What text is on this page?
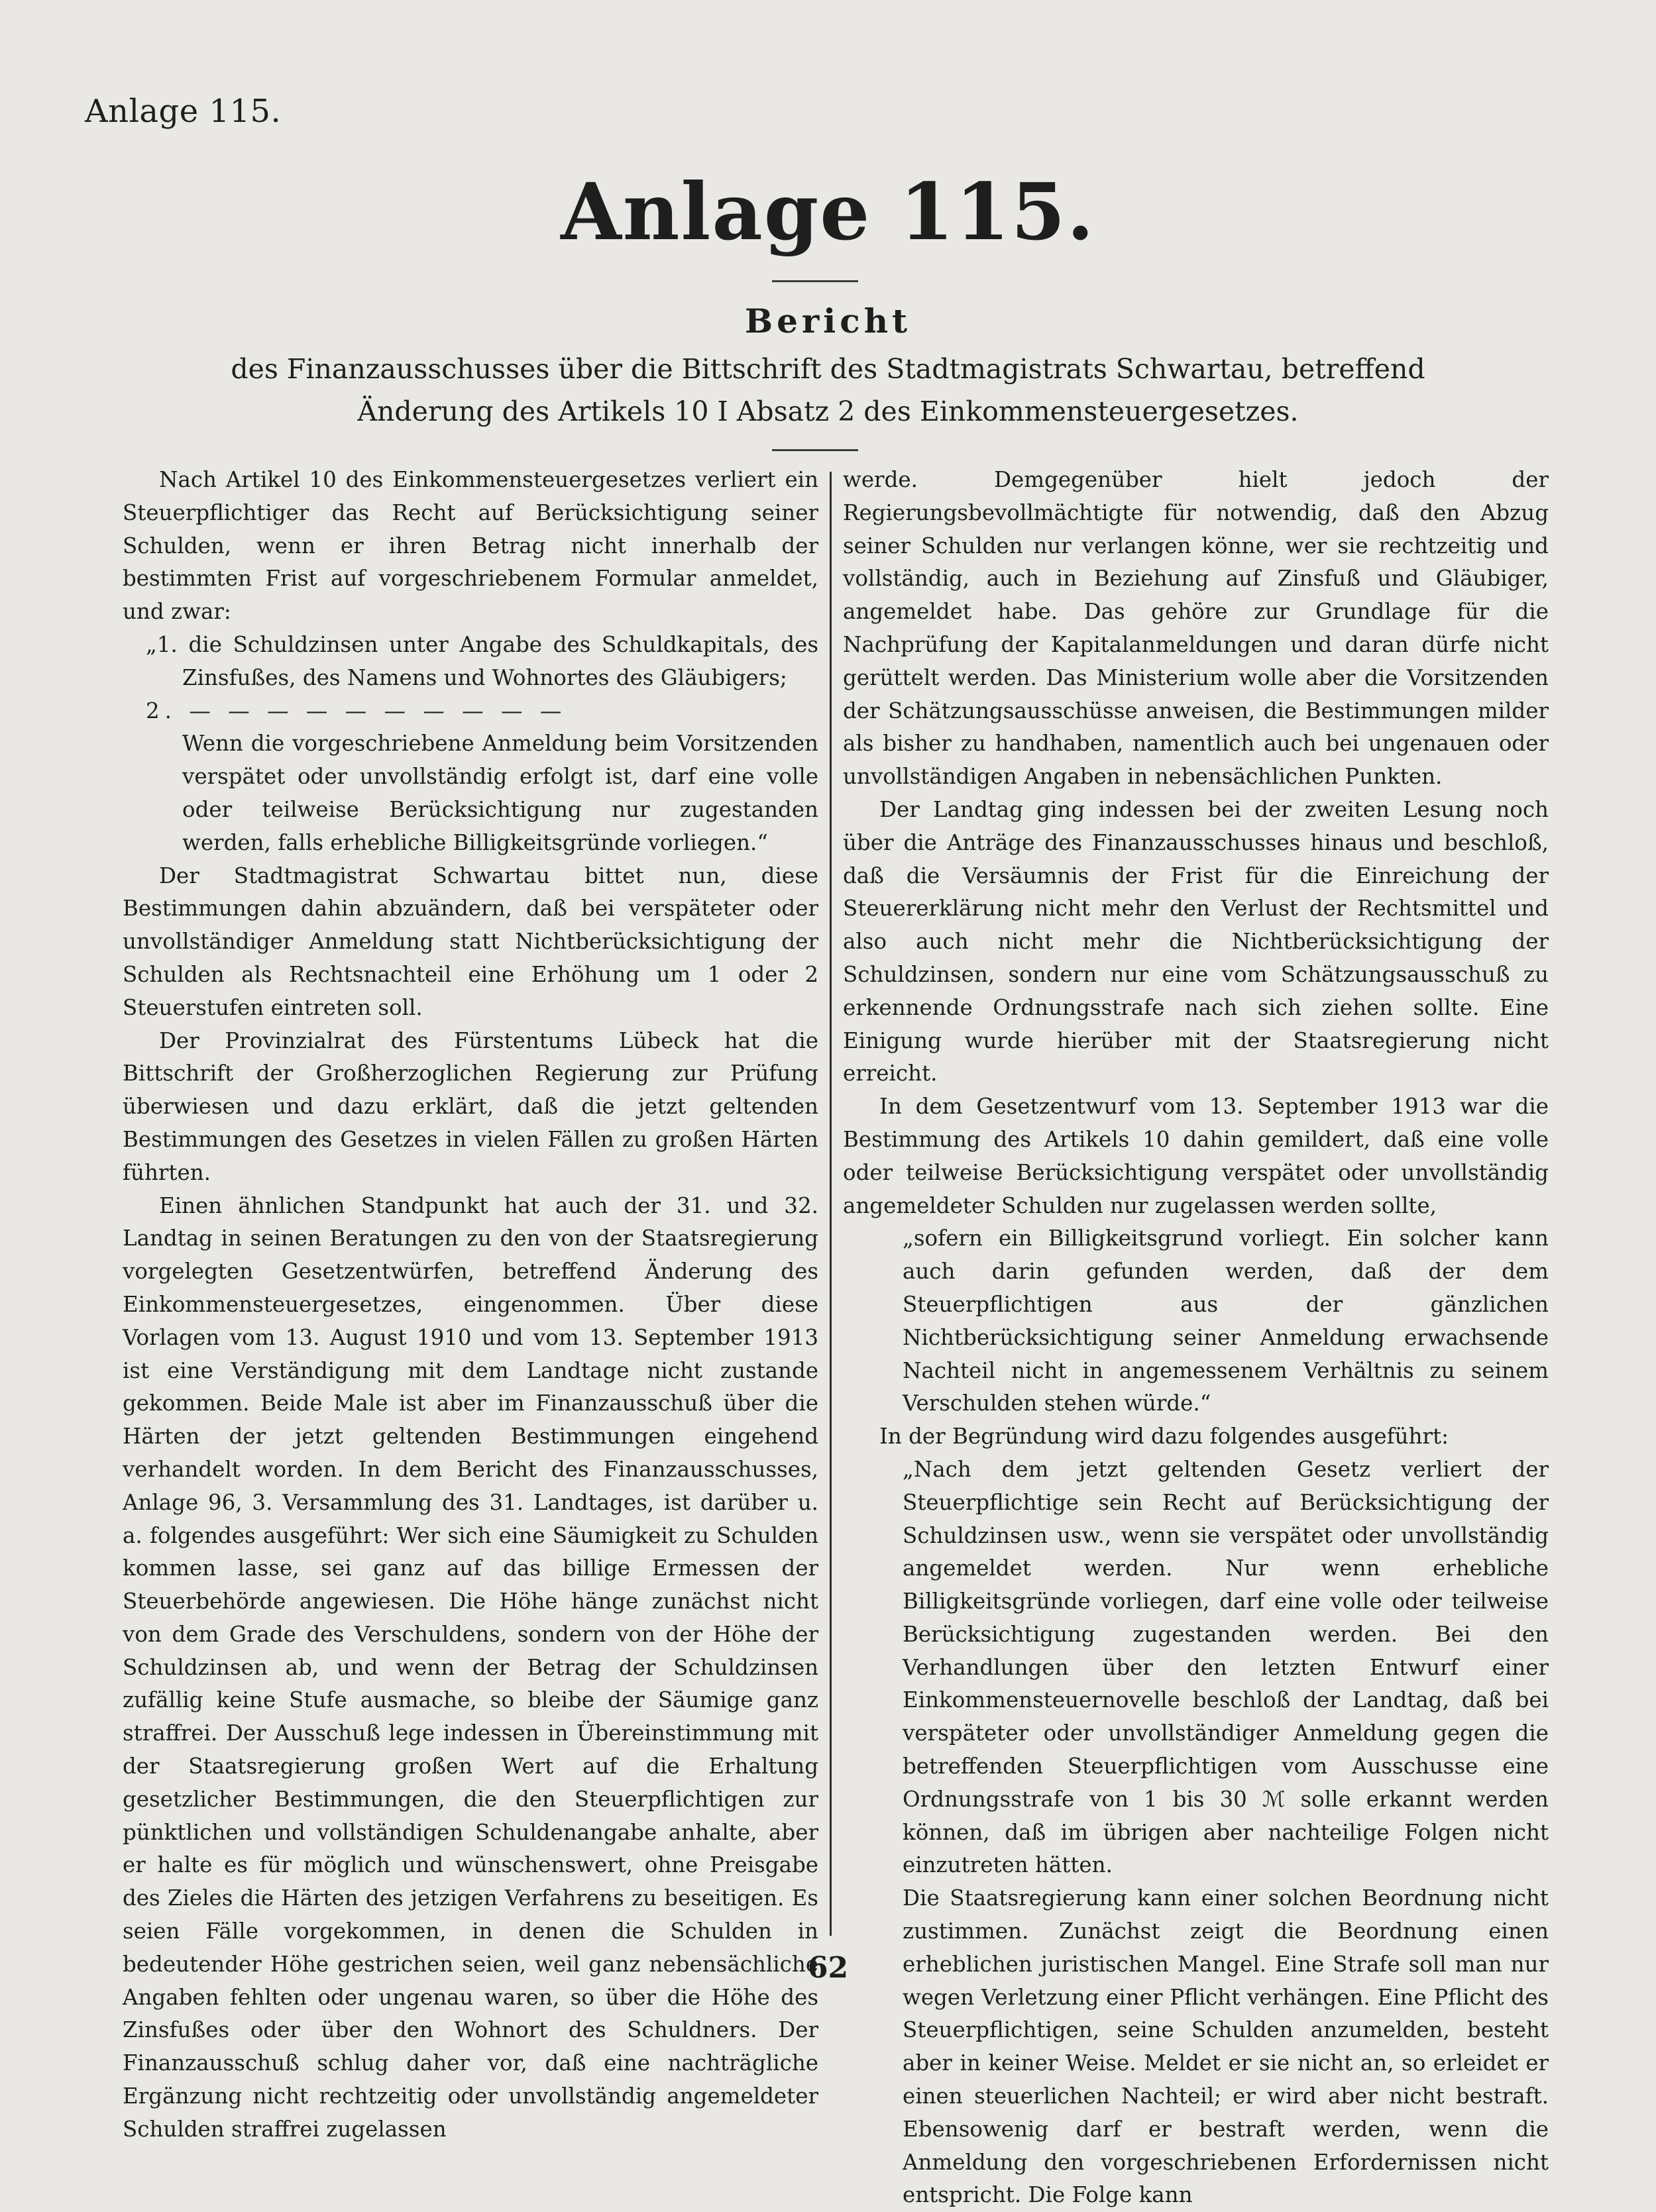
Anlage 115.
Anlage 115.
Bericht
des Finanzausschusses über die Bittschrift des Stadtmagistrats Schwartau, betreffend Änderung des Artikels 10 I Absatz 2 des Einkommensteuergesetzes.

Nach Artikel 10 des Einkommensteuergesetzes verliert ein Steuerpflichtiger das Recht auf Berücksichtigung seiner Schulden, wenn er ihren Betrag nicht innerhalb der bestimmten Frist auf vorgeschriebenem Formular anmeldet, und zwar:

„1. die Schuldzinsen unter Angabe des Schuldkapitals, des Zinsfußes, des Namens und Wohnortes des Gläubigers;

2. — — — — — — — — — —

Wenn die vorgeschriebene Anmeldung beim Vorsitzenden verspätet oder unvollständig erfolgt ist, darf eine volle oder teilweise Berücksichtigung nur zugestanden werden, falls erhebliche Billigkeitsgründe vorliegen.“

Der Stadtmagistrat Schwartau bittet nun, diese Bestimmungen dahin abzuändern, daß bei verspäteter oder unvollständiger Anmeldung statt Nichtberücksichtigung der Schulden als Rechtsnachteil eine Erhöhung um 1 oder 2 Steuerstufen eintreten soll.

Der Provinzialrat des Fürstentums Lübeck hat die Bittschrift der Großherzoglichen Regierung zur Prüfung überwiesen und dazu erklärt, daß die jetzt geltenden Bestimmungen des Gesetzes in vielen Fällen zu großen Härten führten.

Einen ähnlichen Standpunkt hat auch der 31. und 32. Landtag in seinen Beratungen zu den von der Staatsregierung vorgelegten Gesetzentwürfen, betreffend Änderung des Einkommensteuergesetzes, eingenommen. Über diese Vorlagen vom 13. August 1910 und vom 13. September 1913 ist eine Verständigung mit dem Landtage nicht zustande gekommen. Beide Male ist aber im Finanzausschuß über die Härten der jetzt geltenden Bestimmungen eingehend verhandelt worden. In dem Bericht des Finanzausschusses, Anlage 96, 3. Versammlung des 31. Landtages, ist darüber u. a. folgendes ausgeführt: Wer sich eine Säumigkeit zu Schulden kommen lasse, sei ganz auf das billige Ermessen der Steuerbehörde angewiesen. Die Höhe hänge zunächst nicht von dem Grade des Verschuldens, sondern von der Höhe der Schuldzinsen ab, und wenn der Betrag der Schuldzinsen zufällig keine Stufe ausmache, so bleibe der Säumige ganz straffrei. Der Ausschuß lege indessen in Übereinstimmung mit der Staatsregierung großen Wert auf die Erhaltung gesetzlicher Bestimmungen, die den Steuerpflichtigen zur pünktlichen und vollständigen Schuldenangabe anhalte, aber er halte es für möglich und wünschenswert, ohne Preisgabe des Zieles die Härten des jetzigen Verfahrens zu beseitigen. Es seien Fälle vorgekommen, in denen die Schulden in bedeutender Höhe gestrichen seien, weil ganz nebensächliche Angaben fehlten oder ungenau waren, so über die Höhe des Zinsfußes oder über den Wohnort des Schuldners. Der Finanzausschuß schlug daher vor, daß eine nachträgliche Ergänzung nicht rechtzeitig oder unvollständig angemeldeter Schulden straffrei zugelassen

werde. Demgegenüber hielt jedoch der Regierungsbevollmächtigte für notwendig, daß den Abzug seiner Schulden nur verlangen könne, wer sie rechtzeitig und vollständig, auch in Beziehung auf Zinsfuß und Gläubiger, angemeldet habe. Das gehöre zur Grundlage für die Nachprüfung der Kapitalanmeldungen und daran dürfe nicht gerüttelt werden. Das Ministerium wolle aber die Vorsitzenden der Schätzungsausschüsse anweisen, die Bestimmungen milder als bisher zu handhaben, namentlich auch bei ungenauen oder unvollständigen Angaben in nebensächlichen Punkten.

Der Landtag ging indessen bei der zweiten Lesung noch über die Anträge des Finanzausschusses hinaus und beschloß, daß die Versäumnis der Frist für die Einreichung der Steuererklärung nicht mehr den Verlust der Rechtsmittel und also auch nicht mehr die Nichtberücksichtigung der Schuldzinsen, sondern nur eine vom Schätzungsausschuß zu erkennende Ordnungsstrafe nach sich ziehen sollte. Eine Einigung wurde hierüber mit der Staatsregierung nicht erreicht.

In dem Gesetzentwurf vom 13. September 1913 war die Bestimmung des Artikels 10 dahin gemildert, daß eine volle oder teilweise Berücksichtigung verspätet oder unvollständig angemeldeter Schulden nur zugelassen werden sollte,

„sofern ein Billigkeitsgrund vorliegt. Ein solcher kann auch darin gefunden werden, daß der dem Steuerpflichtigen aus der gänzlichen Nichtberücksichtigung seiner Anmeldung erwachsende Nachteil nicht in angemessenem Verhältnis zu seinem Verschulden stehen würde.“

In der Begründung wird dazu folgendes ausgeführt:

„Nach dem jetzt geltenden Gesetz verliert der Steuerpflichtige sein Recht auf Berücksichtigung der Schuldzinsen usw., wenn sie verspätet oder unvollständig angemeldet werden. Nur wenn erhebliche Billigkeitsgründe vorliegen, darf eine volle oder teilweise Berücksichtigung zugestanden werden. Bei den Verhandlungen über den letzten Entwurf einer Einkommensteuernovelle beschloß der Landtag, daß bei verspäteter oder unvollständiger Anmeldung gegen die betreffenden Steuerpflichtigen vom Ausschusse eine Ordnungsstrafe von 1 bis 30 ℳ solle erkannt werden können, daß im übrigen aber nachteilige Folgen nicht einzutreten hätten.

Die Staatsregierung kann einer solchen Beordnung nicht zustimmen. Zunächst zeigt die Beordnung einen erheblichen juristischen Mangel. Eine Strafe soll man nur wegen Verletzung einer Pflicht verhängen. Eine Pflicht des Steuerpflichtigen, seine Schulden anzumelden, besteht aber in keiner Weise. Meldet er sie nicht an, so erleidet er einen steuerlichen Nachteil; er wird aber nicht bestraft. Ebensowenig darf er bestraft werden, wenn die Anmeldung den vorgeschriebenen Erfordernissen nicht entspricht. Die Folge kann

62
